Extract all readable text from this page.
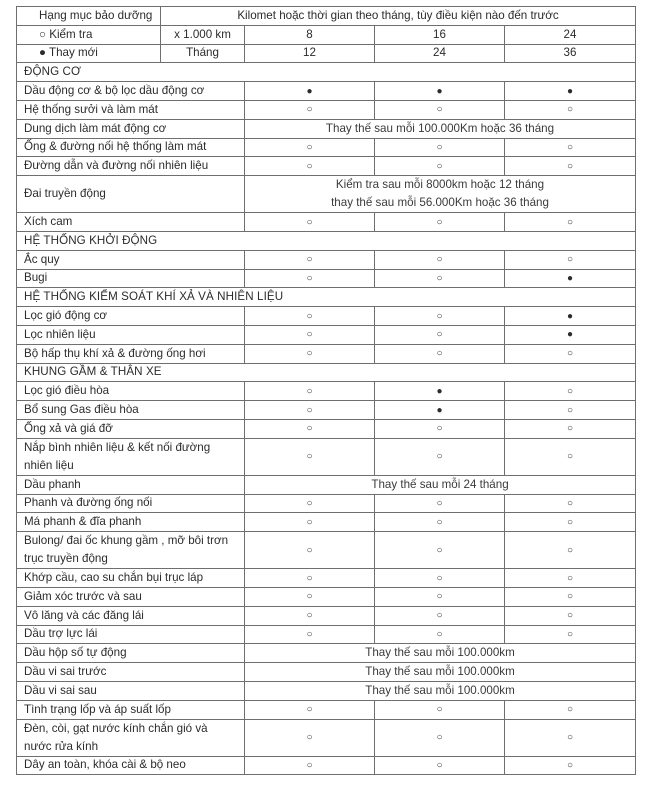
Hạng mục bảo dưỡng	Kilomet hoặc thời gian theo tháng, tùy điều kiện nào đến trước			
○ Kiểm tra	x 1.000 km	8	16	24
● Thay mới	Tháng	12	24	36
ĐỘNG CƠ				
Dầu động cơ & bộ lọc dầu động cơ		●	●	●
Hệ thống sưởi và làm mát		○	○	○
Dung dịch làm mát động cơ		Thay thế sau mỗi 100.000Km hoặc 36 tháng		

Ống & đường nối hệ thống làm mát		○	○	○
Đường dẫn và đường nối nhiên liệu		○	○	○
Đai truyền động		Kiểm tra sau mỗi 8000km hoặc 12 tháng
thay thế sau mỗi 56.000Km hoặc 36 tháng		

Xích cam		○	○	○
HỆ THỐNG KHỞI ĐỘNG				
Ắc quy		○	○	○
Bugi		○	○	●
HỆ THỐNG KIỂM SOÁT KHÍ XẢ VÀ NHIÊN LIỆU				
Lọc gió động cơ		○	○	●
Lọc nhiên liệu		○	○	●
Bộ hấp thụ khí xả & đường ống hơi		○	○	○
KHUNG GẦM & THÂN XE				
Lọc gió điều hòa		○	●	○
Bổ sung Gas điều hòa		○	●	○
Ống xả và giá đỡ		○	○	○
Nắp bình nhiên liệu & kết nối đường nhiên liệu		○	○	○
Dầu phanh		Thay thế sau mỗi 24 tháng		

Phanh và đường ống nối		○	○	○
Má phanh & đĩa phanh		○	○	○
Bulong/ đai ốc khung gầm , mỡ bôi trơn trục truyền động		○	○	○
Khớp cầu, cao su chắn bụi trục láp		○	○	○
Giảm xóc trước và sau		○	○	○
Vô lăng và các đăng lái		○	○	○
Dầu trợ lực lái		○	○	○
Dầu hộp số tự động		Thay thế sau mỗi 100.000km		

Dầu vi sai trước		Thay thế sau mỗi 100.000km		

Dầu vi sai sau		Thay thế sau mỗi 100.000km		

Tình trạng lốp và áp suất lốp		○	○	○
Đèn, còi, gạt nước kính chắn gió và nước rửa kính		○	○	○
Dây an toàn, khóa cài & bộ neo		○	○	○
